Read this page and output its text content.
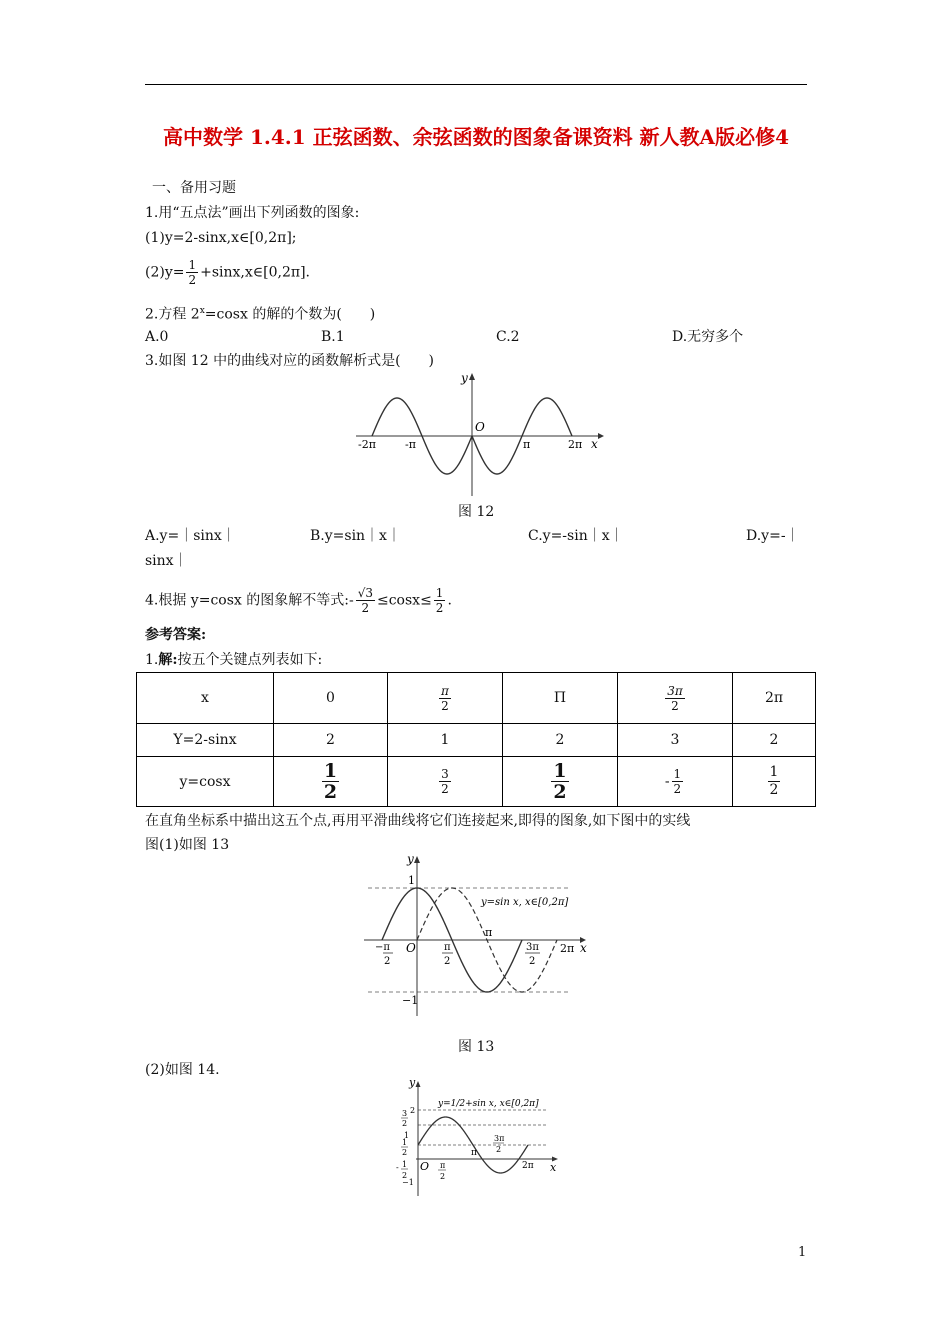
高中数学 1.4.1 正弦函数、余弦函数的图象备课资料 新人教A版必修4
一、备用习题
1.用“五点法”画出下列函数的图象:
(1)y=2-sinx,x∈[0,2π];
$(2)y= \frac{1}{2}$ +sinx,x∈[0,2π].
2.方程 $2^x=\cos x$ 的解的个数为(　　)
A.0	B.1	C.2	D.无穷多个
3.如图 12 中的曲线对应的函数解析式是(　　)
y
x
O
-2π	-π	π	2π
图 12
A.y=｜sinx｜	B.y=sin｜x｜	C.y=-sin｜x｜	D.y=-｜
sinx｜
4.根据 y=cosx 的图象解不等式:- $\frac{√3}{2} \le\cos x\le \frac{1}{2}$ .
参考答案:
1.解:按五个关键点列表如下:
x	0	$\frac{\pi}{2}$	Π	$\frac{3\pi}{2}$	2π
Y=2-sinx	2	1	2	3	2
y=cosx	$\frac{1}{2}$	$\frac{3}{2}$	$\frac{1}{2}$	- $\frac{1}{2}$	$\frac{1}{2}$
在直角坐标系中描出这五个点,再用平滑曲线将它们连接起来,即得的图象,如下图中的实线
图(1)如图 13
y
x
1
−1
O
π
2π
−π
2
π
2
3π
2
y=sin x, x∈[0,2π]
图 13
(2)如图 14.
y
x
O
π
2π
3
2
2
1
1
2
- 1
2
−1
π
2
3π
2
y=1/2+sin x, x∈[0,2π]
1
